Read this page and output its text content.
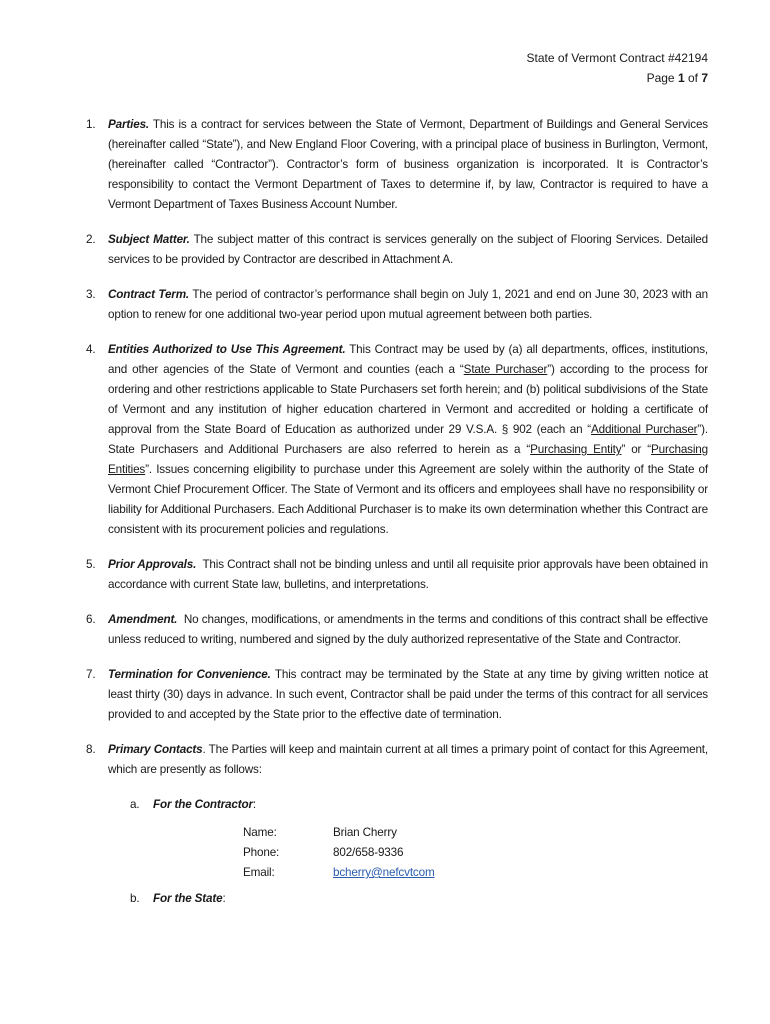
State of Vermont Contract #42194
Page 1 of 7
1. Parties. This is a contract for services between the State of Vermont, Department of Buildings and General Services (hereinafter called “State”), and New England Floor Covering, with a principal place of business in Burlington, Vermont, (hereinafter called “Contractor”). Contractor’s form of business organization is incorporated. It is Contractor’s responsibility to contact the Vermont Department of Taxes to determine if, by law, Contractor is required to have a Vermont Department of Taxes Business Account Number.
2. Subject Matter. The subject matter of this contract is services generally on the subject of Flooring Services. Detailed services to be provided by Contractor are described in Attachment A.
3. Contract Term. The period of contractor’s performance shall begin on July 1, 2021 and end on June 30, 2023 with an option to renew for one additional two-year period upon mutual agreement between both parties.
4. Entities Authorized to Use This Agreement. This Contract may be used by (a) all departments, offices, institutions, and other agencies of the State of Vermont and counties (each a “State Purchaser”) according to the process for ordering and other restrictions applicable to State Purchasers set forth herein; and (b) political subdivisions of the State of Vermont and any institution of higher education chartered in Vermont and accredited or holding a certificate of approval from the State Board of Education as authorized under 29 V.S.A. § 902 (each an “Additional Purchaser”). State Purchasers and Additional Purchasers are also referred to herein as a “Purchasing Entity” or “Purchasing Entities”. Issues concerning eligibility to purchase under this Agreement are solely within the authority of the State of Vermont Chief Procurement Officer. The State of Vermont and its officers and employees shall have no responsibility or liability for Additional Purchasers. Each Additional Purchaser is to make its own determination whether this Contract are consistent with its procurement policies and regulations.
5. Prior Approvals.  This Contract shall not be binding unless and until all requisite prior approvals have been obtained in accordance with current State law, bulletins, and interpretations.
6. Amendment.  No changes, modifications, or amendments in the terms and conditions of this contract shall be effective unless reduced to writing, numbered and signed by the duly authorized representative of the State and Contractor.
7. Termination for Convenience. This contract may be terminated by the State at any time by giving written notice at least thirty (30) days in advance. In such event, Contractor shall be paid under the terms of this contract for all services provided to and accepted by the State prior to the effective date of termination.
8. Primary Contacts. The Parties will keep and maintain current at all times a primary point of contact for this Agreement, which are presently as follows:
a. For the Contractor:
Name:	Brian Cherry
Phone:	802/658-9336
Email:	bcherry@nefcvtcom
b. For the State:
